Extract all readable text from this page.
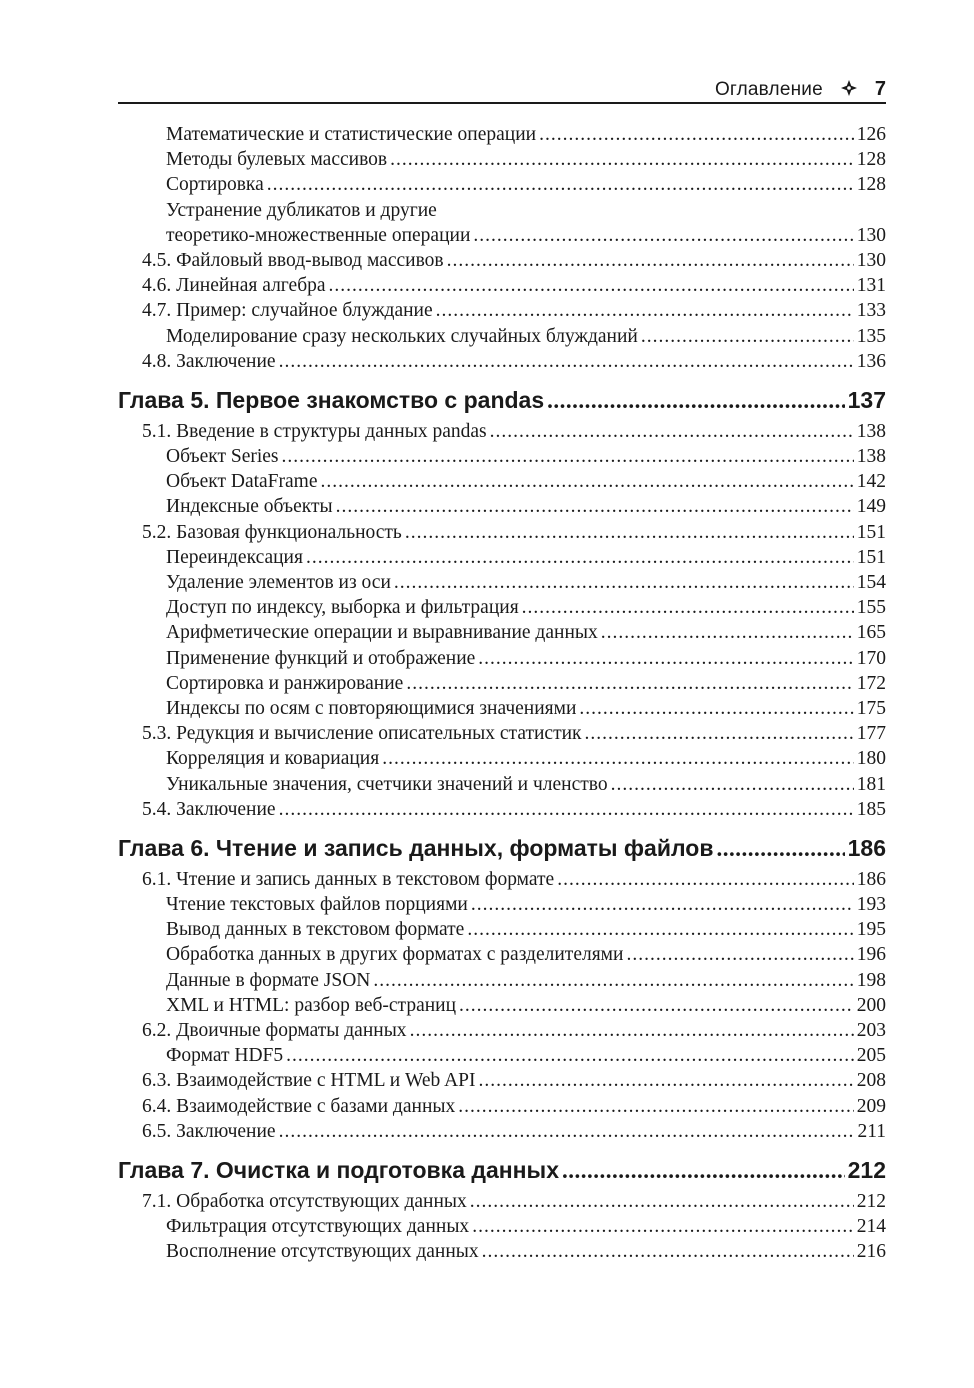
Оглавление	7
Математические и статистические операции .....	126
Методы булевых массивов .....	128
Сортировка .....	128
Устранение дубликатов и другие
теоретико-множественные операции .....	130
4.5. Файловый ввод-вывод массивов .....	130
4.6. Линейная алгебра .....	131
4.7. Пример: случайное блуждание .....	133
Моделирование сразу нескольких случайных блужданий .....	135
4.8. Заключение .....	136
Глава 5. Первое знакомство с pandas .....	137
5.1. Введение в структуры данных pandas .....	138
Объект Series .....	138
Объект DataFrame .....	142
Индексные объекты .....	149
5.2. Базовая функциональность .....	151
Переиндексация .....	151
Удаление элементов из оси .....	154
Доступ по индексу, выборка и фильтрация .....	155
Арифметические операции и выравнивание данных .....	165
Применение функций и отображение .....	170
Сортировка и ранжирование .....	172
Индексы по осям с повторяющимися значениями .....	175
5.3. Редукция и вычисление описательных статистик .....	177
Корреляция и ковариация .....	180
Уникальные значения, счетчики значений и членство .....	181
5.4. Заключение .....	185
Глава 6. Чтение и запись данных, форматы файлов .....	186
6.1. Чтение и запись данных в текстовом формате .....	186
Чтение текстовых файлов порциями .....	193
Вывод данных в текстовом формате .....	195
Обработка данных в других форматах с разделителями .....	196
Данные в формате JSON .....	198
XML и HTML: разбор веб-страниц .....	200
6.2. Двоичные форматы данных .....	203
Формат HDF5 .....	205
6.3. Взаимодействие с HTML и Web API .....	208
6.4. Взаимодействие с базами данных .....	209
6.5. Заключение .....	211
Глава 7. Очистка и подготовка данных .....	212
7.1. Обработка отсутствующих данных .....	212
Фильтрация отсутствующих данных .....	214
Восполнение отсутствующих данных .....	216
